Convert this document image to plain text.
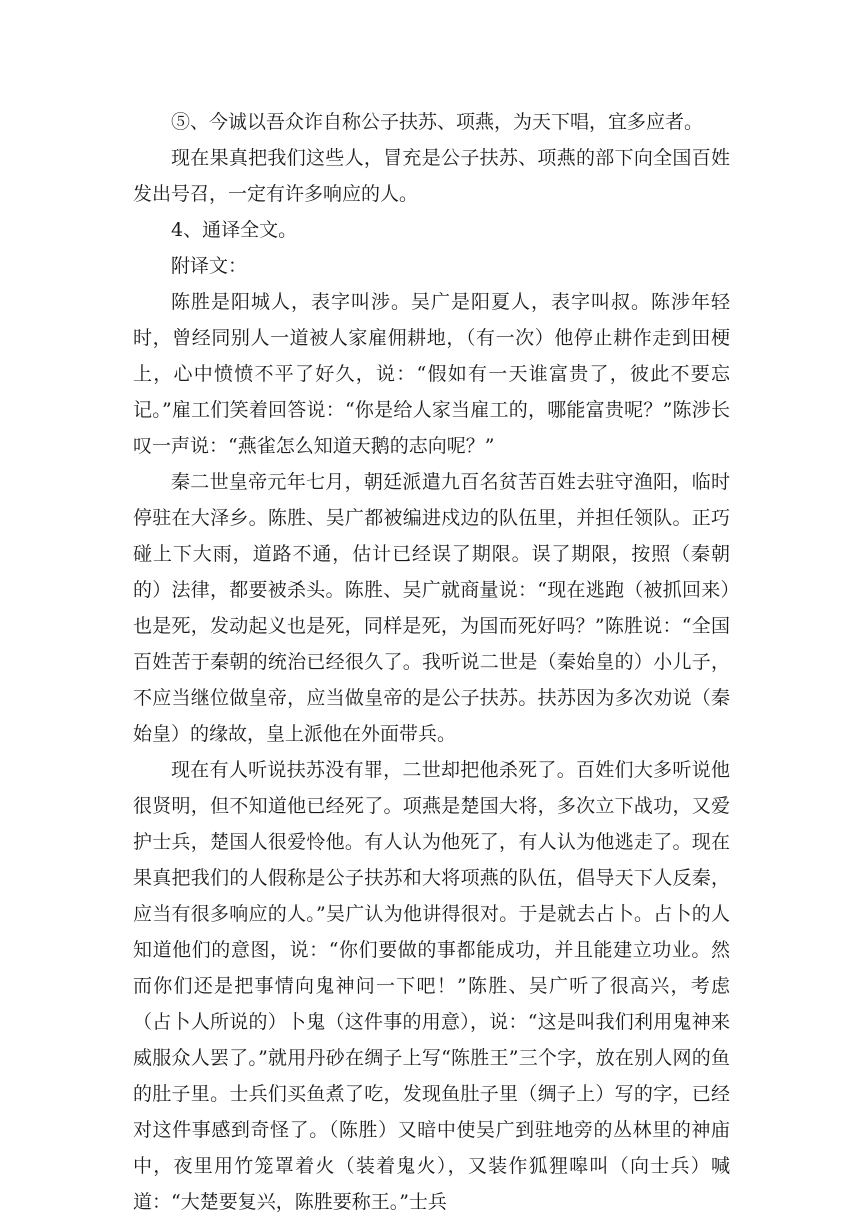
⑤、今诚以吾众诈自称公子扶苏、项燕，为天下唱，宜多应者。

现在果真把我们这些人，冒充是公子扶苏、项燕的部下向全国百姓发出号召，一定有许多响应的人。

4、通译全文。

附译文：

陈胜是阳城人，表字叫涉。吴广是阳夏人，表字叫叔。陈涉年轻时，曾经同别人一道被人家雇佣耕地，（有一次）他停止耕作走到田梗上，心中愤愤不平了好久，说：“假如有一天谁富贵了，彼此不要忘记。”雇工们笑着回答说：“你是给人家当雇工的，哪能富贵呢？”陈涉长叹一声说：“燕雀怎么知道天鹅的志向呢？”

秦二世皇帝元年七月，朝廷派遣九百名贫苦百姓去驻守渔阳，临时停驻在大泽乡。陈胜、吴广都被编进戍边的队伍里，并担任领队。正巧碰上下大雨，道路不通，估计已经误了期限。误了期限，按照（秦朝的）法律，都要被杀头。陈胜、吴广就商量说：“现在逃跑（被抓回来）也是死，发动起义也是死，同样是死，为国而死好吗？”陈胜说：“全国百姓苦于秦朝的统治已经很久了。我听说二世是（秦始皇的）小儿子，不应当继位做皇帝，应当做皇帝的是公子扶苏。扶苏因为多次劝说（秦始皇）的缘故，皇上派他在外面带兵。

现在有人听说扶苏没有罪，二世却把他杀死了。百姓们大多听说他很贤明，但不知道他已经死了。项燕是楚国大将，多次立下战功，又爱护士兵，楚国人很爱怜他。有人认为他死了，有人认为他逃走了。现在果真把我们的人假称是公子扶苏和大将项燕的队伍，倡导天下人反秦，应当有很多响应的人。”吴广认为他讲得很对。于是就去占卜。占卜的人知道他们的意图，说：“你们要做的事都能成功，并且能建立功业。然而你们还是把事情向鬼神问一下吧！”陈胜、吴广听了很高兴，考虑（占卜人所说的）卜鬼（这件事的用意），说：“这是叫我们利用鬼神来威服众人罢了。”就用丹砂在绸子上写“陈胜王”三个字，放在别人网的鱼的肚子里。士兵们买鱼煮了吃，发现鱼肚子里（绸子上）写的字，已经对这件事感到奇怪了。（陈胜）又暗中使吴广到驻地旁的丛林里的神庙中，夜里用竹笼罩着火（装着鬼火），又装作狐狸嗥叫（向士兵）喊道：“大楚要复兴，陈胜要称王。”士兵
